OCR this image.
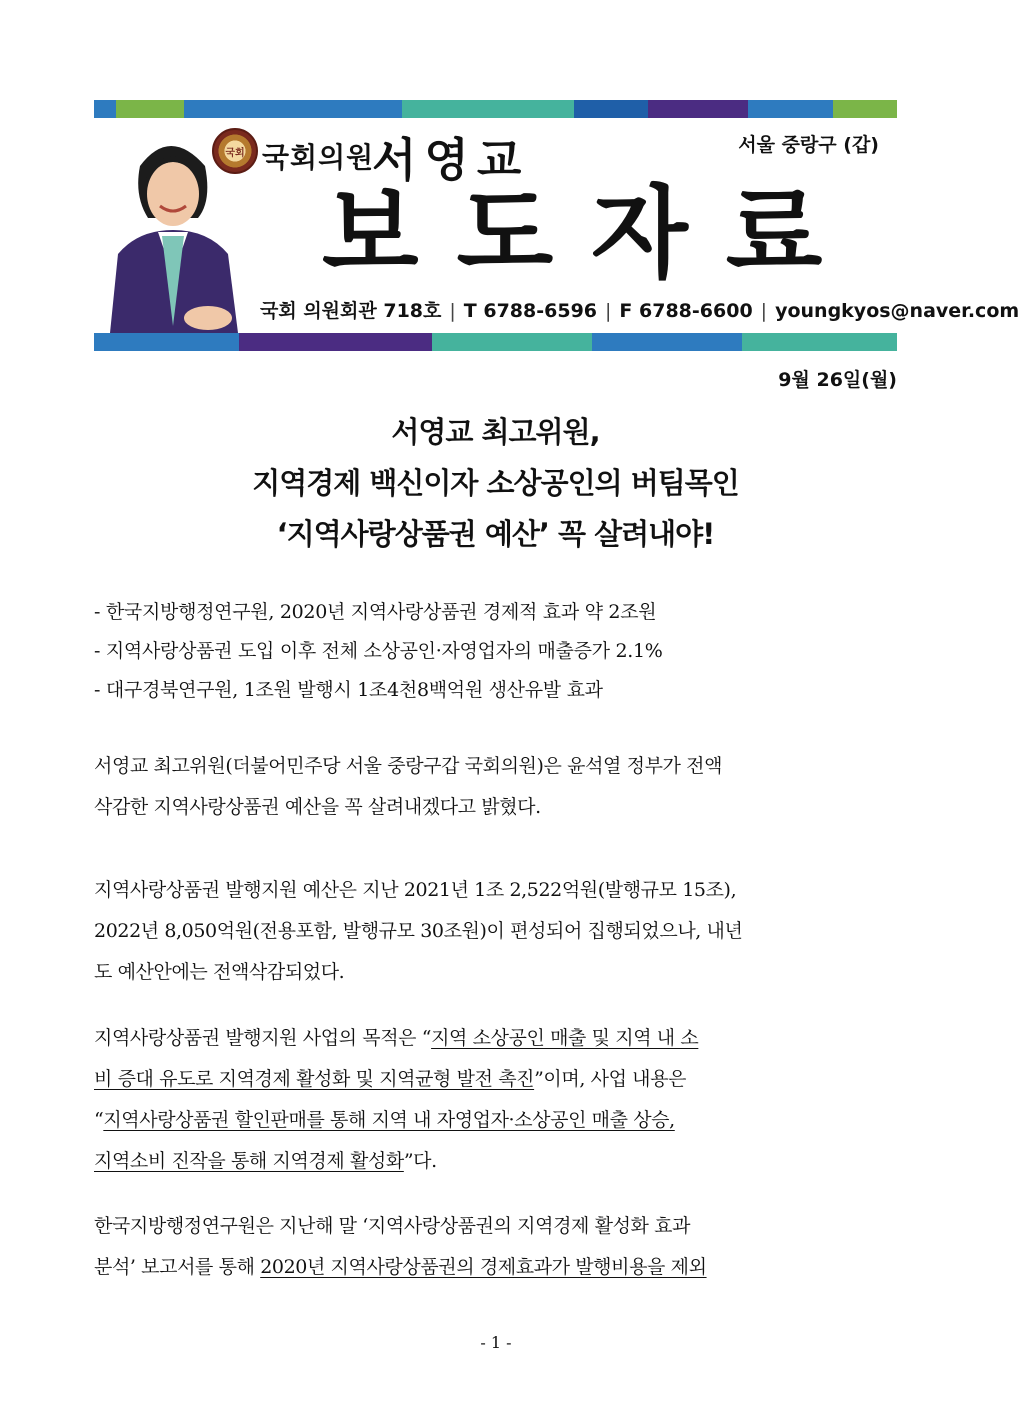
국회 국회의원
서영교	서울 중랑구 (갑)
보도자료
국회 의원회관 718호 | T 6788-6596 | F 6788-6600 | youngkyos@naver.com
9월 26일(월)
서영교 최고위원,
지역경제 백신이자 소상공인의 버팀목인
‘지역사랑상품권 예산’ 꼭 살려내야!
- 한국지방행정연구원, 2020년 지역사랑상품권 경제적 효과 약 2조원
- 지역사랑상품권 도입 이후 전체 소상공인·자영업자의 매출증가 2.1%
- 대구경북연구원, 1조원 발행시 1조4천8백억원 생산유발 효과
서영교 최고위원(더불어민주당 서울 중랑구갑 국회의원)은 윤석열 정부가 전액
삭감한 지역사랑상품권 예산을 꼭 살려내겠다고 밝혔다.
지역사랑상품권 발행지원 예산은 지난 2021년 1조 2,522억원(발행규모 15조),
2022년 8,050억원(전용포함, 발행규모 30조원)이 편성되어 집행되었으나, 내년
도 예산안에는 전액삭감되었다.
지역사랑상품권 발행지원 사업의 목적은 “지역 소상공인 매출 및 지역 내 소
비 증대 유도로 지역경제 활성화 및 지역균형 발전 촉진”이며, 사업 내용은
“지역사랑상품권 할인판매를 통해 지역 내 자영업자·소상공인 매출 상승,
지역소비 진작을 통해 지역경제 활성화”다.
한국지방행정연구원은 지난해 말 ‘지역사랑상품권의 지역경제 활성화 효과
분석’ 보고서를 통해 2020년 지역사랑상품권의 경제효과가 발행비용을 제외
- 1 -
